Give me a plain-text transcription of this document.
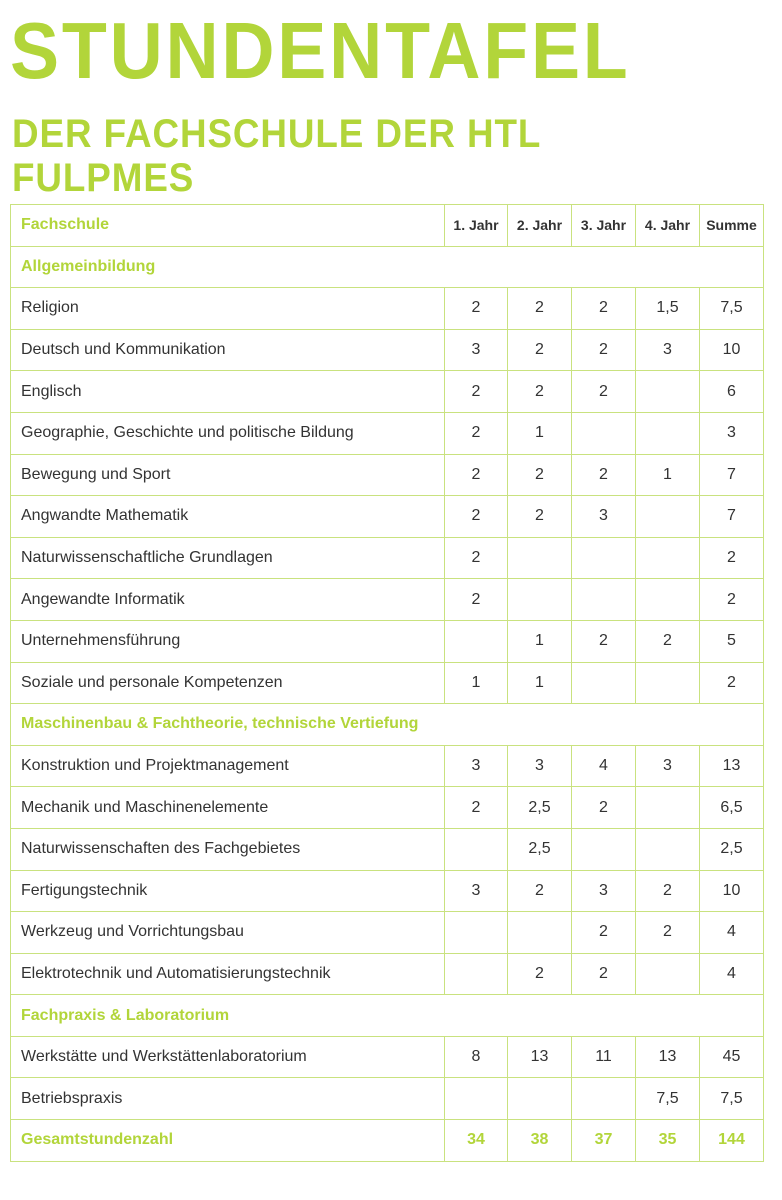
STUNDENTAFEL
DER FACHSCHULE DER HTL FULPMES
Fachschule	1. Jahr	2. Jahr	3. Jahr	4. Jahr	Summe
Allgemeinbildung					
Religion	2	2	2	1,5	7,5
Deutsch und Kommunikation	3	2	2	3	10
Englisch	2	2	2		6
Geographie, Geschichte und politische Bildung	2	1			3
Bewegung und Sport	2	2	2	1	7
Angwandte Mathematik	2	2	3		7
Naturwissenschaftliche Grundlagen	2				2
Angewandte Informatik	2				2
Unternehmensführung		1	2	2	5
Soziale und personale Kompetenzen	1	1			2
Maschinenbau & Fachtheorie, technische Vertiefung					
Konstruktion und Projektmanagement	3	3	4	3	13
Mechanik und Maschinenelemente	2	2,5	2		6,5
Naturwissenschaften des Fachgebietes		2,5			2,5
Fertigungstechnik	3	2	3	2	10
Werkzeug und Vorrichtungsbau			2	2	4
Elektrotechnik und Automatisierungstechnik		2	2		4
Fachpraxis & Laboratorium					
Werkstätte und Werkstättenlaboratorium	8	13	11	13	45
Betriebspraxis				7,5	7,5
Gesamtstundenzahl	34	38	37	35	144
